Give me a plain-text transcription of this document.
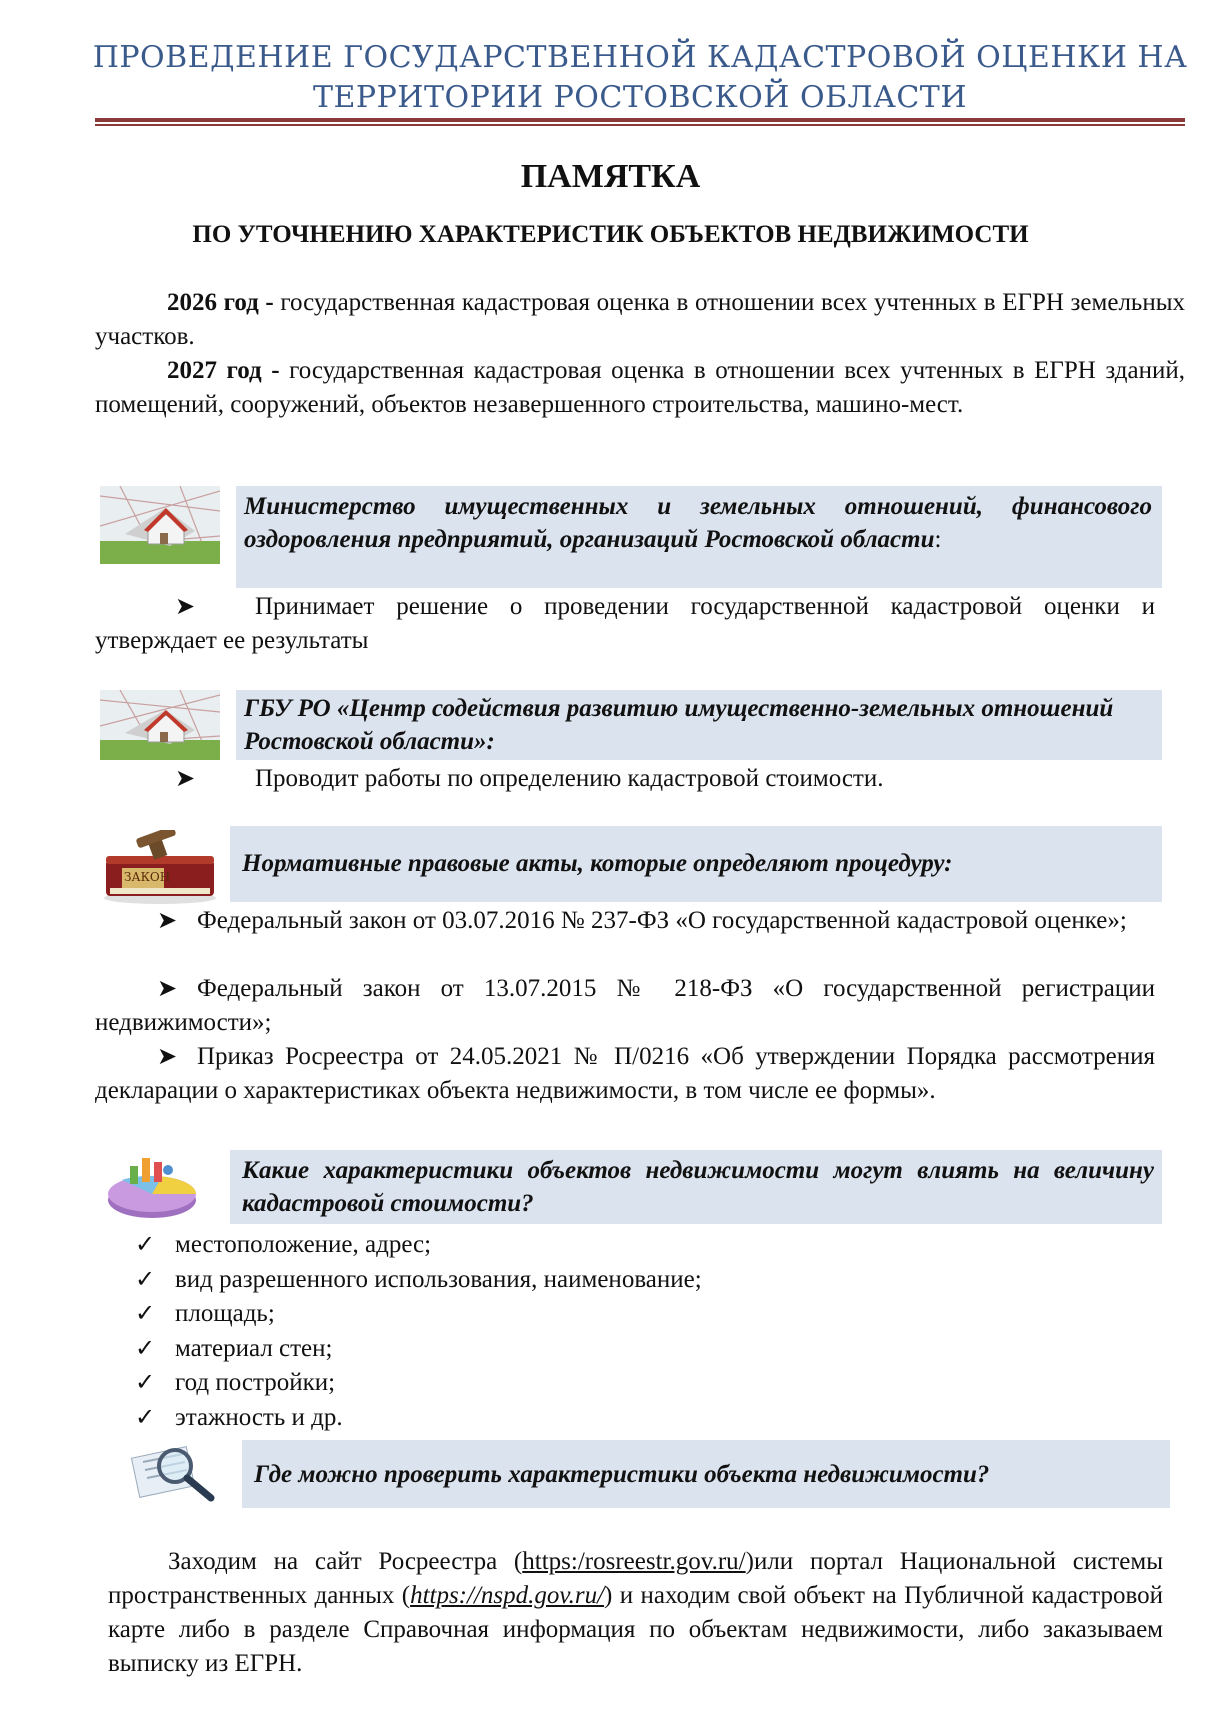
ПРОВЕДЕНИЕ ГОСУДАРСТВЕННОЙ КАДАСТРОВОЙ ОЦЕНКИ НА
ТЕРРИТОРИИ РОСТОВСКОЙ ОБЛАСТИ
ПАМЯТКА
ПО УТОЧНЕНИЮ ХАРАКТЕРИСТИК ОБЪЕКТОВ НЕДВИЖИМОСТИ
2026 год - государственная кадастровая оценка в отношении всех учтенных в ЕГРН земельных участков.
2027 год - государственная кадастровая оценка в отношении всех учтенных в ЕГРН зданий, помещений, сооружений, объектов незавершенного строительства, машино-мест.
Министерство имущественных и земельных отношений, финансового оздоровления предприятий, организаций Ростовской области:
➤ Принимает решение о проведении государственной кадастровой оценки и утверждает ее результаты
ГБУ РО «Центр содействия развитию имущественно-земельных отношений Ростовской области»:
➤ Проводит работы по определению кадастровой стоимости.
ЗАКОН	Нормативные правовые акты, которые определяют процедуру:
➤ Федеральный закон от 03.07.2016 № 237-ФЗ «О государственной кадастровой оценке»;
➤ Федеральный закон от 13.07.2015 № 218-ФЗ «О государственной регистрации недвижимости»;
➤ Приказ Росреестра от 24.05.2021 № П/0216 «Об утверждении Порядка рассмотрения декларации о характеристиках объекта недвижимости, в том числе ее формы».
Какие характеристики объектов недвижимости могут влиять на величину кадастровой стоимости?
✓ местоположение, адрес;
✓ вид разрешенного использования, наименование;
✓ площадь;
✓ материал стен;
✓ год постройки;
✓ этажность и др.
Где можно проверить характеристики объекта недвижимости?
Заходим на сайт Росреестра (https:/rosreestr.gov.ru/)или портал Национальной системы пространственных данных (https://nspd.gov.ru/) и находим свой объект на Публичной кадастровой карте либо в разделе Справочная информация по объектам недвижимости, либо заказываем выписку из ЕГРН.
